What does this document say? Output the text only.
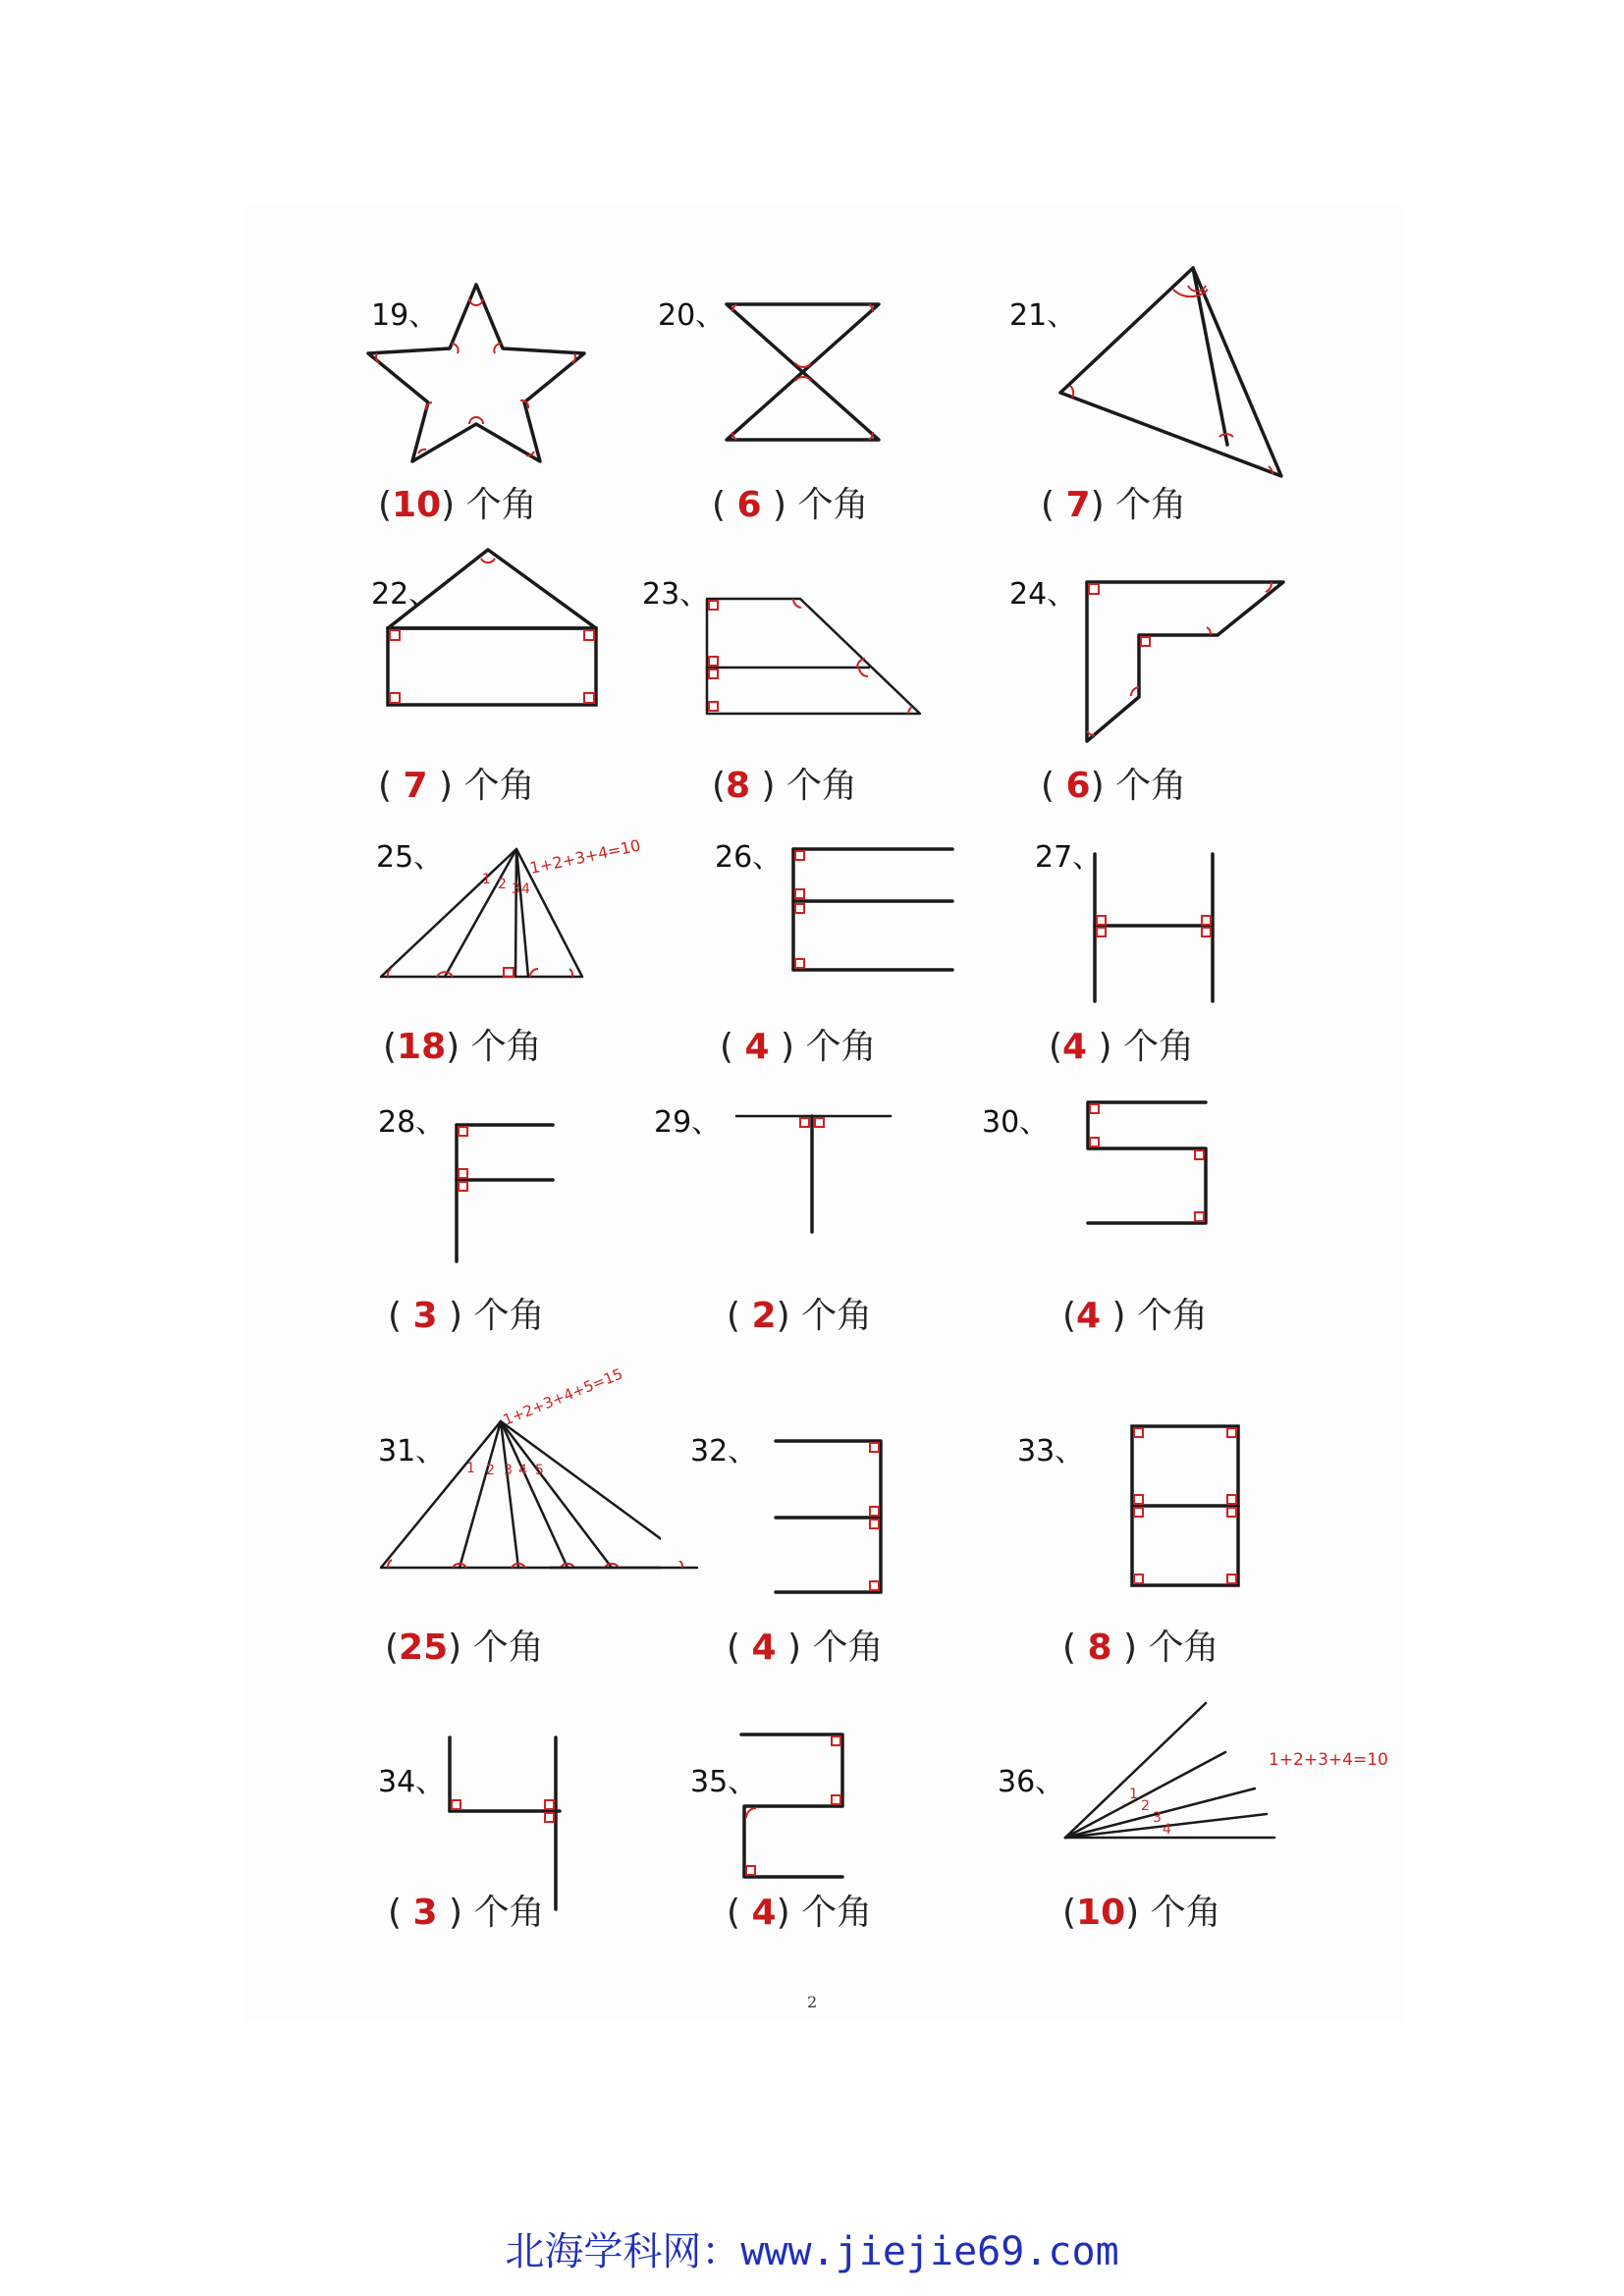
19、
(10) 个角
20、
( 6 ) 个角
21、
( 7) 个角
22、
( 7 ) 个角
23、
(8 ) 个角
24、
( 6) 个角
25、
1 2 3 4
1+2+3+4=10
(18) 个角
26、
( 4 ) 个角
27、
(4 ) 个角
28、
( 3 ) 个角
29、
( 2) 个角
30、
(4 ) 个角
31、 1 2 3 4 5
1+2+3+4+5=15
(25) 个角
32、
( 4 ) 个角
33、
( 8 ) 个角
34、
( 3 ) 个角
35、
( 4) 个角
36、	1
2
3
4
1+2+3+4=10
(10) 个角
2
北海学科网：www.jiejie69.com
